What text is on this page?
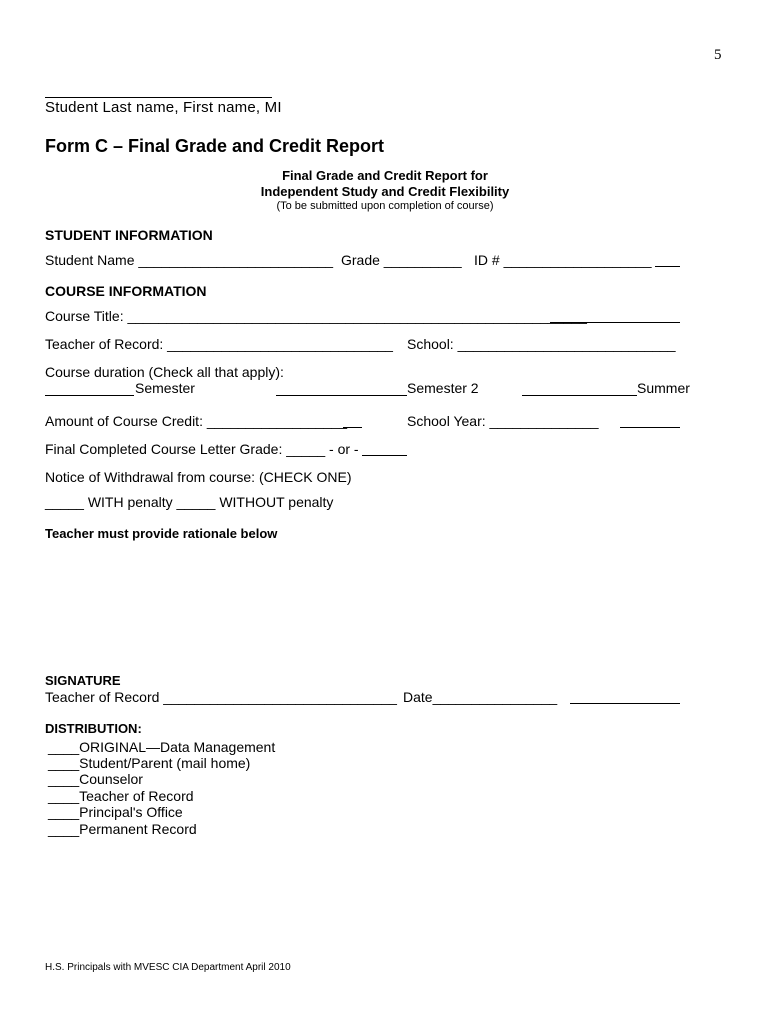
5
Student Last name, First name, MI
Form C – Final Grade and Credit Report
Final Grade and Credit Report for
Independent Study and Credit Flexibility
(To be submitted upon completion of course)
STUDENT INFORMATION
Student Name _________________________ Grade __________ ID # ___________________
COURSE INFORMATION
Course Title: ___________________________________________________________
Teacher of Record: _____________________________ School: ____________________________
Course duration (Check all that apply):
Semester	Semester 2	Summer
Amount of Course Credit: __________________	School Year: ______________
Final Completed Course Letter Grade: _____ - or -
Notice of Withdrawal from course: (CHECK ONE)
_____ WITH penalty _____ WITHOUT penalty
Teacher must provide rationale below
SIGNATURE
Teacher of Record ______________________________ Date________________
DISTRIBUTION:
____ORIGINAL—Data Management
____Student/Parent (mail home)
____Counselor
____Teacher of Record
____Principal's Office
____Permanent Record
H.S. Principals with MVESC CIA Department April 2010
